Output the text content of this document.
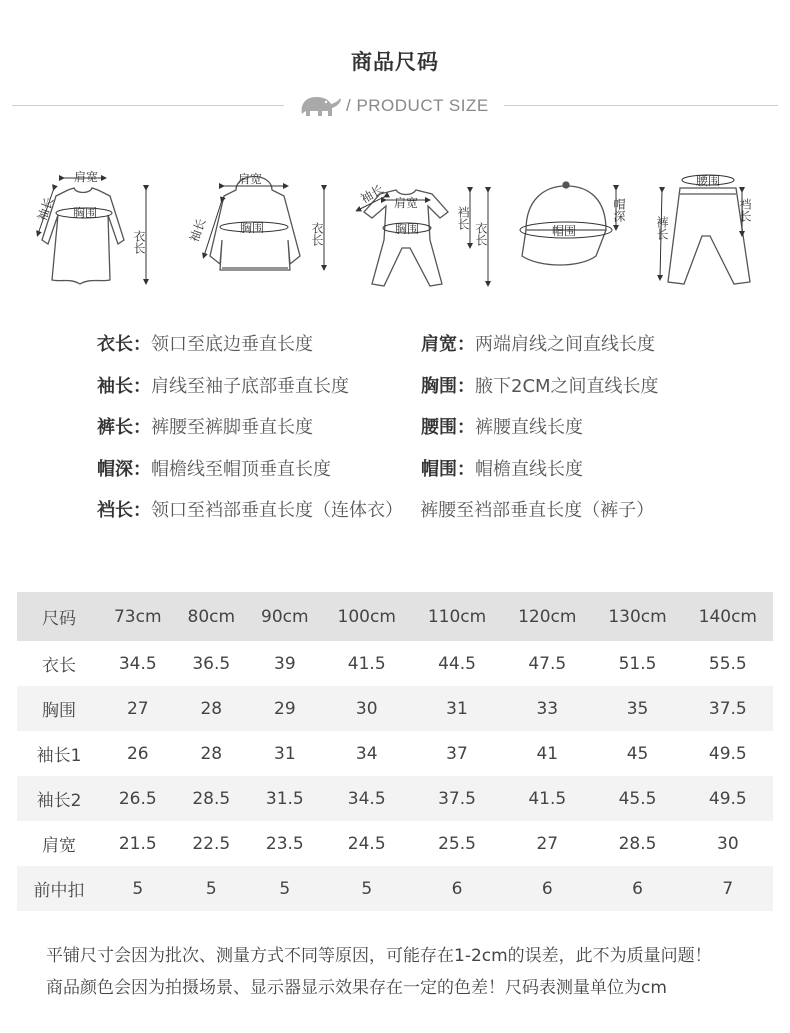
商品尺码
/ PRODUCT SIZE
肩宽
胸围
袖长
衣长
肩宽
胸围
袖长	衣长
袖长 肩宽
胸围	裆长
衣长	帽围
帽深
腰围
裤长
裆长
衣长：领口至底边垂直长度	肩宽：两端肩线之间直线长度
袖长：肩线至袖子底部垂直长度	胸围：腋下2CM之间直线长度
裤长：裤腰至裤脚垂直长度	腰围：裤腰直线长度
帽深：帽檐线至帽顶垂直长度	帽围：帽檐直线长度
裆长：领口至裆部垂直长度（连体衣）   裤腰至裆部垂直长度（裤子）
尺码	73cm	80cm	90cm	100cm	110cm	120cm	130cm	140cm
衣长	34.5	36.5	39	41.5	44.5	47.5	51.5	55.5
胸围	27	28	29	30	31	33	35	37.5
袖长1	26	28	31	34	37	41	45	49.5
袖长2	26.5	28.5	31.5	34.5	37.5	41.5	45.5	49.5
肩宽	21.5	22.5	23.5	24.5	25.5	27	28.5	30
前中扣	5	5	5	5	6	6	6	7
平铺尺寸会因为批次、测量方式不同等原因，可能存在1-2cm的误差，此不为质量问题！
商品颜色会因为拍摄场景、显示器显示效果存在一定的色差！尺码表测量单位为cm
